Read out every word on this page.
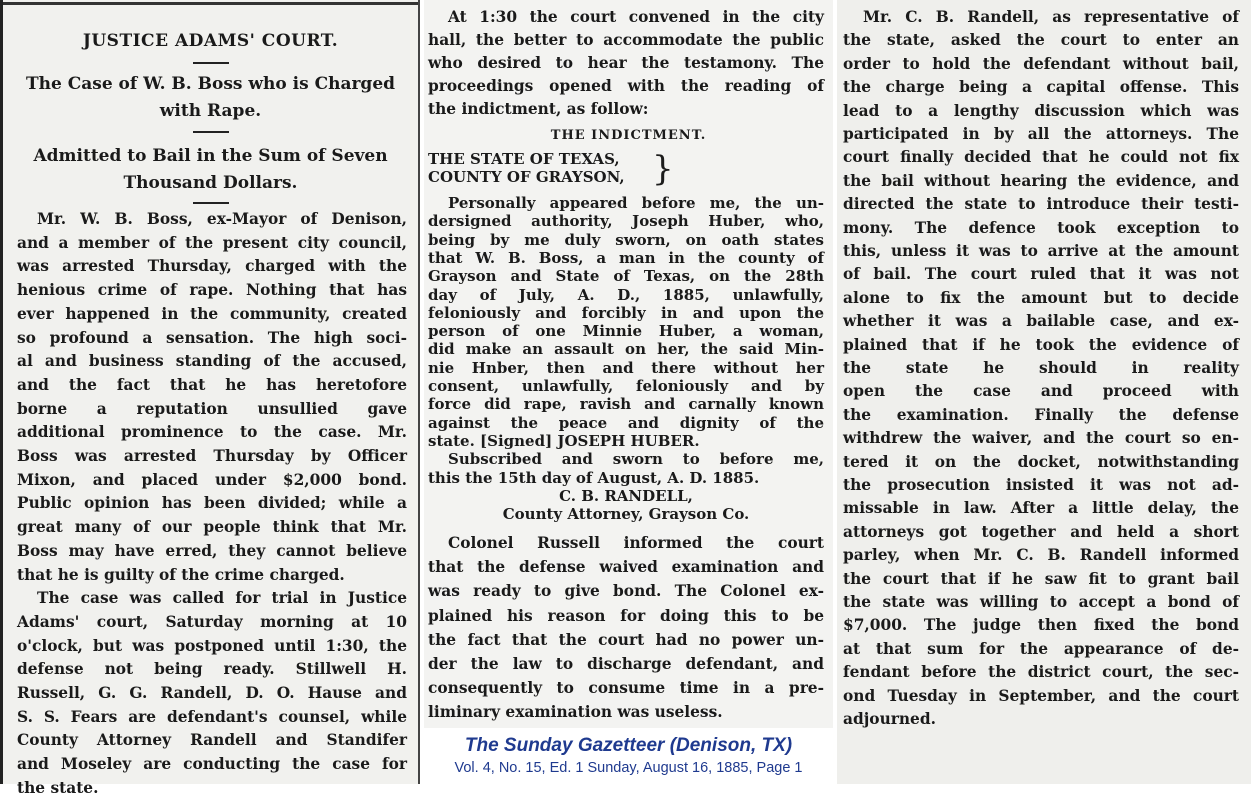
JUSTICE ADAMS' COURT.
The Case of W. B. Boss who is Charged
with Rape.
Admitted to Bail in the Sum of Seven
Thousand Dollars.
Mr. W. B. Boss, ex-Mayor of Denison,
and a member of the present city council,
was arrested Thursday, charged with the
henious crime of rape. Nothing that has
ever happened in the community, created
so profound a sensation. The high soci-
al and business standing of the accused,
and the fact that he has heretofore
borne a reputation unsullied gave
additional prominence to the case. Mr.
Boss was arrested Thursday by Officer
Mixon, and placed under $2,000 bond.
Public opinion has been divided; while a
great many of our people think that Mr.
Boss may have erred, they cannot believe
that he is guilty of the crime charged.
The case was called for trial in Justice
Adams' court, Saturday morning at 10
o'clock, but was postponed until 1:30, the
defense not being ready. Stillwell H.
Russell, G. G. Randell, D. O. Hause and
S. S. Fears are defendant's counsel, while
County Attorney Randell and Standifer
and Moseley are conducting the case for
the state.
At 1:30 the court convened in the city
hall, the better to accommodate the public
who desired to hear the testamony. The
proceedings opened with the reading of
the indictment, as follow:
THE INDICTMENT.
THE STATE OF TEXAS,
COUNTY OF GRAYSON, }
Personally appeared before me, the un-
dersigned authority, Joseph Huber, who,
being by me duly sworn, on oath states
that W. B. Boss, a man in the county of
Grayson and State of Texas, on the 28th
day of July, A. D., 1885, unlawfully,
feloniously and forcibly in and upon the
person of one Minnie Huber, a woman,
did make an assault on her, the said Min-
nie Hnber, then and there without her
consent, unlawfully, feloniously and by
force did rape, ravish and carnally known
against the peace and dignity of the
state. [Signed] JOSEPH HUBER.
Subscribed and sworn to before me,
this the 15th day of August, A. D. 1885.
C. B. RANDELL,
County Attorney, Grayson Co.
Colonel Russell informed the court
that the defense waived examination and
was ready to give bond. The Colonel ex-
plained his reason for doing this to be
the fact that the court had no power un-
der the law to discharge defendant, and
consequently to consume time in a pre-
liminary examination was useless.
Mr. C. B. Randell, as representative of
the state, asked the court to enter an
order to hold the defendant without bail,
the charge being a capital offense. This
lead to a lengthy discussion which was
participated in by all the attorneys. The
court finally decided that he could not fix
the bail without hearing the evidence, and
directed the state to introduce their testi-
mony. The defence took exception to
this, unless it was to arrive at the amount
of bail. The court ruled that it was not
alone to fix the amount but to decide
whether it was a bailable case, and ex-
plained that if he took the evidence of
the state he should in reality
open the case and proceed with
the examination. Finally the defense
withdrew the waiver, and the court so en-
tered it on the docket, notwithstanding
the prosecution insisted it was not ad-
missable in law. After a little delay, the
attorneys got together and held a short
parley, when Mr. C. B. Randell informed
the court that if he saw fit to grant bail
the state was willing to accept a bond of
$7,000. The judge then fixed the bond
at that sum for the appearance of de-
fendant before the district court, the sec-
ond Tuesday in September, and the court
adjourned.
The Sunday Gazetteer (Denison, TX)
Vol. 4, No. 15, Ed. 1 Sunday, August 16, 1885, Page 1
